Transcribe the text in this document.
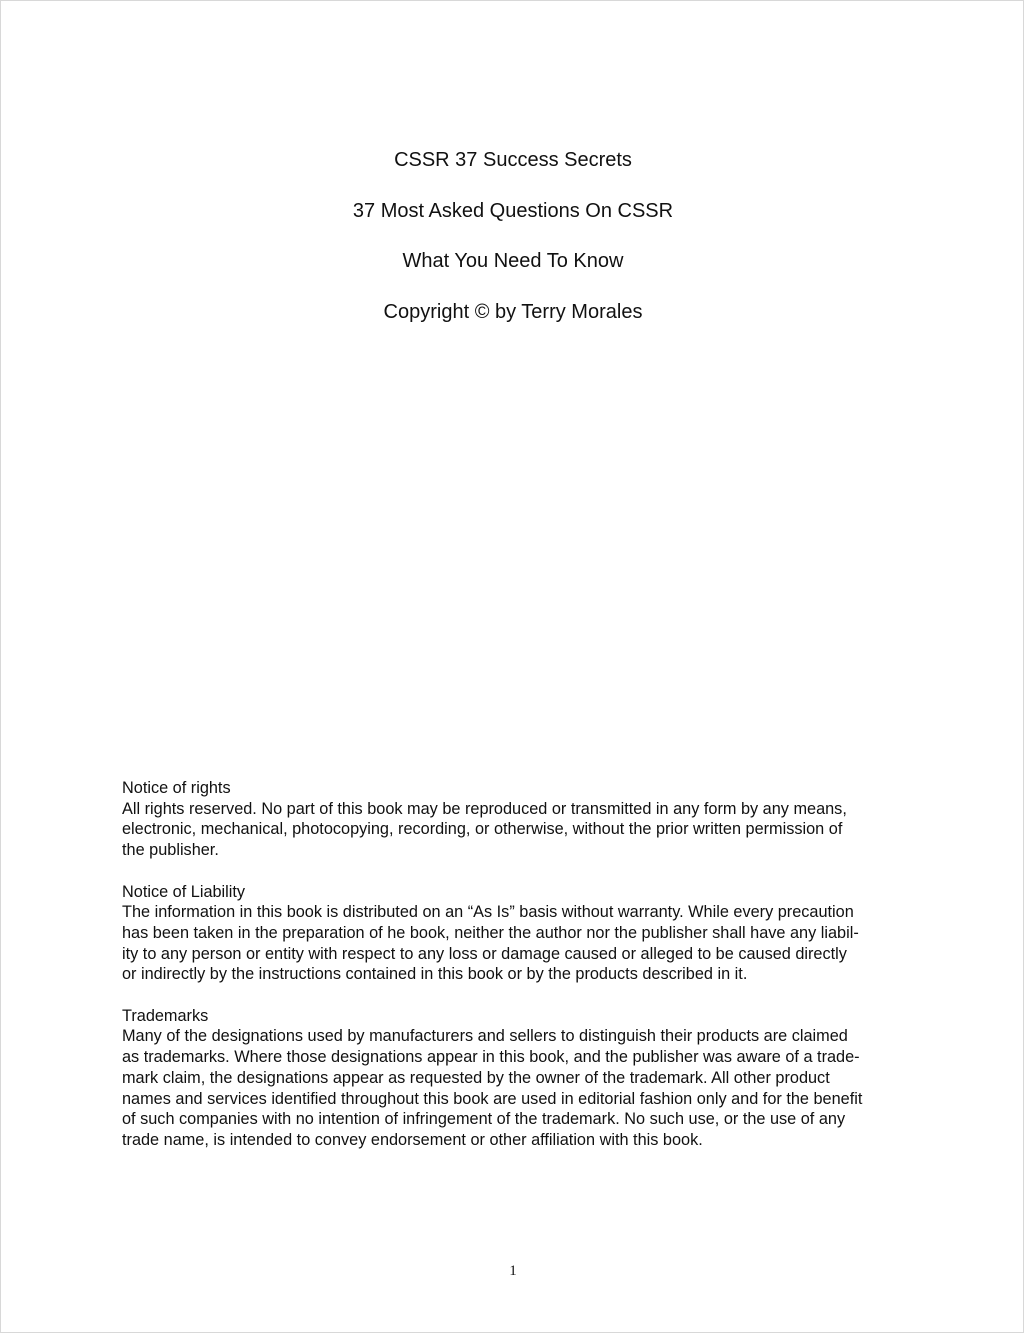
CSSR 37 Success Secrets
37 Most Asked Questions On CSSR
What You Need To Know
Copyright © by Terry Morales

Notice of rights

All rights reserved. No part of this book may be reproduced or transmitted in any form by any means,

electronic, mechanical, photocopying, recording, or otherwise, without the prior written permission of

the publisher.

Notice of Liability

The information in this book is distributed on an “As Is” basis without warranty. While every precaution

has been taken in the preparation of he book, neither the author nor the publisher shall have any liabil-

ity to any person or entity with respect to any loss or damage caused or alleged to be caused directly

or indirectly by the instructions contained in this book or by the products described in it.

Trademarks

Many of the designations used by manufacturers and sellers to distinguish their products are claimed

as trademarks. Where those designations appear in this book, and the publisher was aware of a trade-

mark claim, the designations appear as requested by the owner of the trademark. All other product

names and services identified throughout this book are used in editorial fashion only and for the benefit

of such companies with no intention of infringement of the trademark. No such use, or the use of any

trade name, is intended to convey endorsement or other affiliation with this book.

1
